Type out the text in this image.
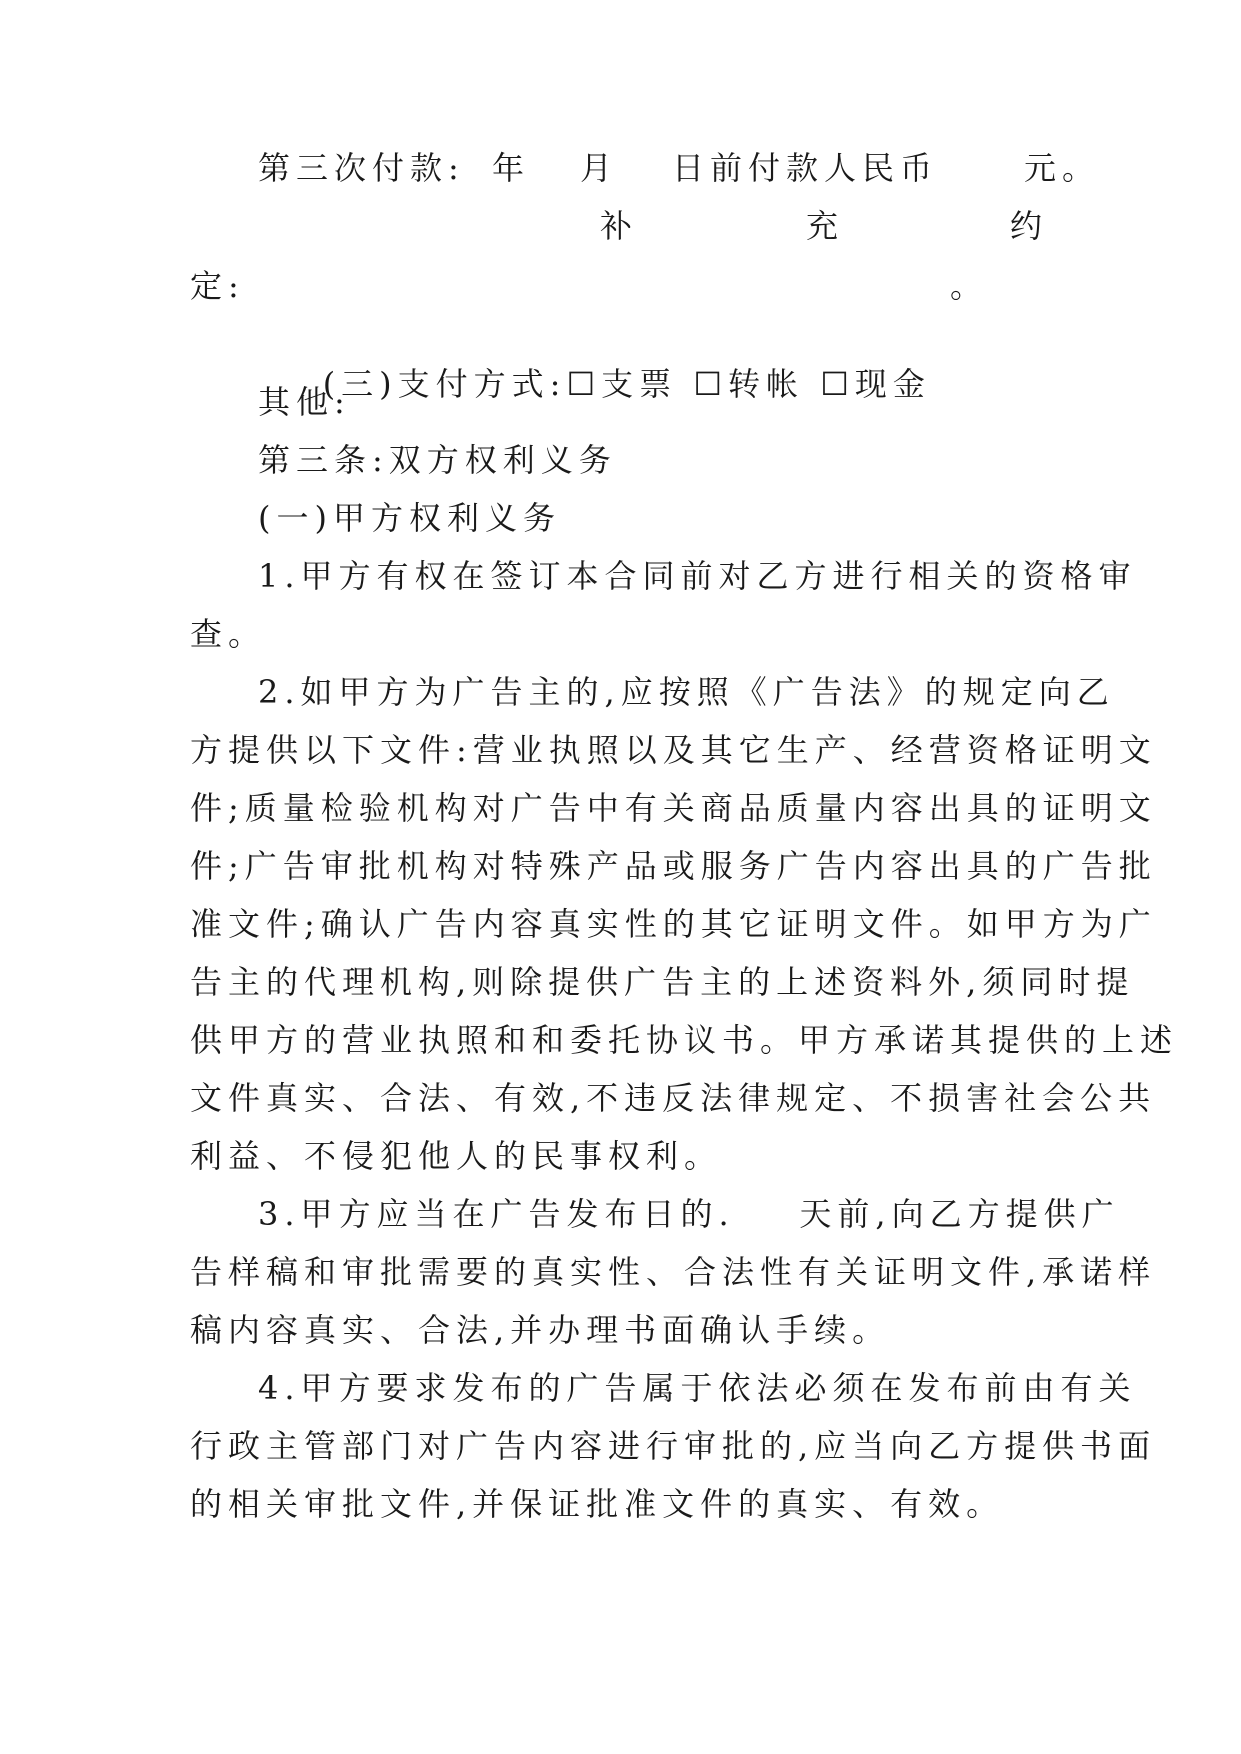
第三次付款: 年 月 日前付款人民币	元。
补	充	约
定:	。

(三)支付方式:☐支票 ☐转帐 ☐现金

其他:
第三条:双方权利义务
(一)甲方权利义务
1.甲方有权在签订本合同前对乙方进行相关的资格审
查。
2.如甲方为广告主的,应按照《广告法》的规定向乙
方提供以下文件:营业执照以及其它生产、经营资格证明文
件;质量检验机构对广告中有关商品质量内容出具的证明文
件;广告审批机构对特殊产品或服务广告内容出具的广告批
准文件;确认广告内容真实性的其它证明文件。如甲方为广
告主的代理机构,则除提供广告主的上述资料外,须同时提
供甲方的营业执照和和委托协议书。甲方承诺其提供的上述
文件真实、合法、有效,不违反法律规定、不损害社会公共
利益、不侵犯他人的民事权利。
3.甲方应当在广告发布日的.    天前,向乙方提供广
告样稿和审批需要的真实性、合法性有关证明文件,承诺样
稿内容真实、合法,并办理书面确认手续。
4.甲方要求发布的广告属于依法必须在发布前由有关
行政主管部门对广告内容进行审批的,应当向乙方提供书面
的相关审批文件,并保证批准文件的真实、有效。
